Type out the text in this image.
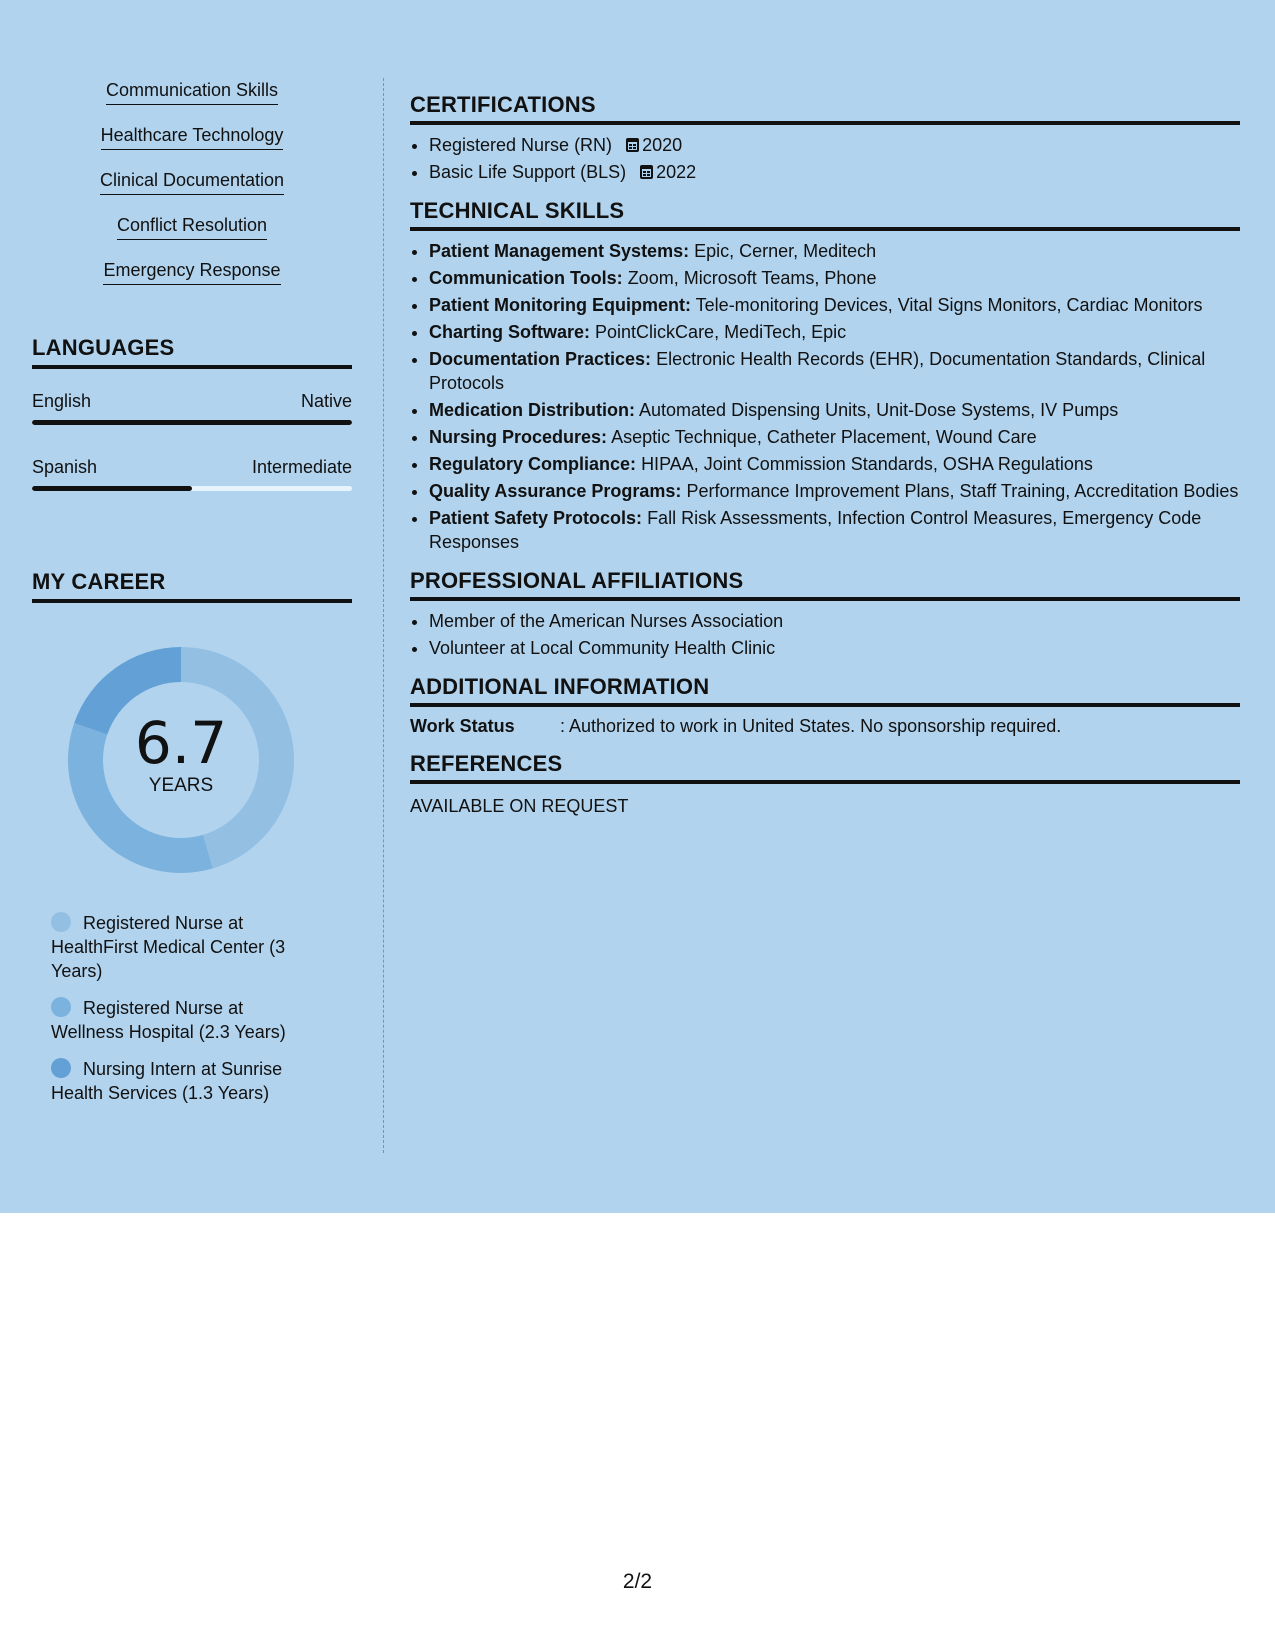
Communication Skills
Healthcare Technology
Clinical Documentation
Conflict Resolution
Emergency Response
LANGUAGES
English	Native
Spanish	Intermediate
MY CAREER
6.7
YEARS
Registered Nurse at HealthFirst Medical Center (3 Years)
Registered Nurse at Wellness Hospital (2.3 Years)
Nursing Intern at Sunrise Health Services (1.3 Years)
CERTIFICATIONS
• Registered Nurse (RN) 2020
• Basic Life Support (BLS) 2022
TECHNICAL SKILLS
• Patient Management Systems: Epic, Cerner, Meditech
• Communication Tools: Zoom, Microsoft Teams, Phone
• Patient Monitoring Equipment: Tele-monitoring Devices, Vital Signs Monitors, Cardiac Monitors
• Charting Software: PointClickCare, MediTech, Epic
• Documentation Practices: Electronic Health Records (EHR), Documentation Standards, Clinical Protocols
• Medication Distribution: Automated Dispensing Units, Unit-Dose Systems, IV Pumps
• Nursing Procedures: Aseptic Technique, Catheter Placement, Wound Care
• Regulatory Compliance: HIPAA, Joint Commission Standards, OSHA Regulations
• Quality Assurance Programs: Performance Improvement Plans, Staff Training, Accreditation Bodies
• Patient Safety Protocols: Fall Risk Assessments, Infection Control Measures, Emergency Code Responses
PROFESSIONAL AFFILIATIONS
• Member of the American Nurses Association
• Volunteer at Local Community Health Clinic
ADDITIONAL INFORMATION
Work Status	: Authorized to work in United States. No sponsorship required.
REFERENCES
AVAILABLE ON REQUEST
2/2
